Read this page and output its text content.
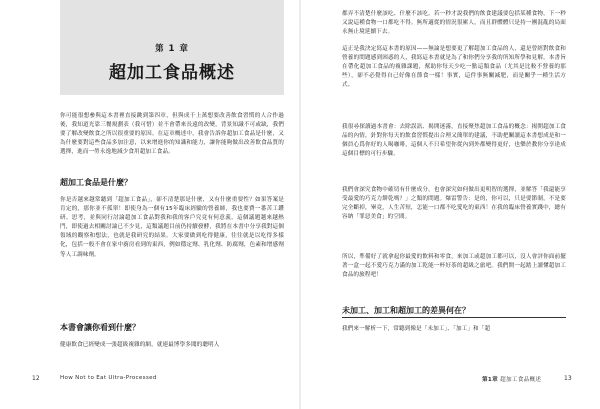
第 1 章
超加工食品概述
你可能很想參與這本書裡直接跳到第四章，但與成千上萬想要改善飲食習慣的人合作過後，我知道光靠三餐規劃表（我可惜）並不會帶來長遠的改變，背景知識不可或缺，我們要了解改變飲食之所以很重要的原因。在這章概述中，我會告訴你超加工食品是什麼，又為什麼要對這些食品多加注意，以來增進你的知識和能力，讓你能夠做出改善飲食品質的選擇，進而一勞永逸地減少食用超加工食品。
超加工食品是什麼？
你是否越來越常聽到「超加工食品」，卻不清楚那是什麼，又有什麼重要性？如果答案是肯定的，那你並不孤單！即使身為一個有15年臨床經驗的營養師，我也要費一番苦工鑽研、思考，並與同行討論超加工食品對我和我的客戶究竟有何意義，這個議題越來越熱門，即使過去相關討論已不少見，這類議題目前仍持續發酵，我將在本書中分享我對這個領域的觀察和想法，也就是我研究的結果。大家要做到吃得健康，往往就是以吃得多樣化，包括一般不會在家中廚房看到的東西，例如穩定劑、乳化劑、防腐劑，色素和增感劑等人工調味劑。
本書會讓你看到什麼？
健康飲食已經變成一張超級複雜的網，就連最博學多聞的聰明人
12	How Not to Eat Ultra-Processed
都弄不清楚什麼該吃、什麼不該吃。若一秒才說我們的飲食建議要包括某種食物，下一秒又說這種食物一口都吃不得。無所適從的情況很累人，而且群體體只是持一團混亂的局面永無止境延續下去。
這正是我決定寫這本書的原因——無論是想要更了解超加工食品的人，還是曾經對飲食和營養的問題感到困惑的人，我寫這本書就是為了和你們分享我的所知所學和見解。本書旨在帶化超加工食品的複雜課題，幫助你每天少吃一點這類食品（尤其是比較不營養的那些），卻不必覺得自己好像在節食一樣！事實，這件事無關減肥，而是關乎一種生活方式。
我很尋探讀過本書會：去除誤訊、揭開迷霧，直接聚焦超加工食品的概念：揭開超加工食品的內情，針對你每天的飲食習慣提出合理又簡單的建議，不助把關讀這本書想成是和一個員心爲你好的人喝咖啡，這個人不只希望你從內到外都變得更好，也樂於教你分享達成這個目標的可行步驟。
我們會深究食物中確切有什麼成分，也會深究如何做出更明智的選擇，並解答「我還能享受最愛的巧克力餅乾嗎？」之類的問題。爆雷警告：是的，你可以，只是要節制，不是要完全斷掉，畢竟，人生苦短，怎能一口都不吃愛吃的東西！在我的臨床營養實踐中，總有容納「罪惡美食」的空間。
所以，準備好了就拿起你最愛的飲料和零食，來加工或超加工都可以，沒人會評你面前擺著一盒一起不愛巧克力滿的加工乾能一杯好茶的超級之旅吧。我們開一起踏上讀懂超加工食品的旅程吧！
未加工、加工和超加工的差異何在？
我們來一解析一下，常聽到像是「未加工」、「加工」和「超
第1章 超加工食品概述	13
